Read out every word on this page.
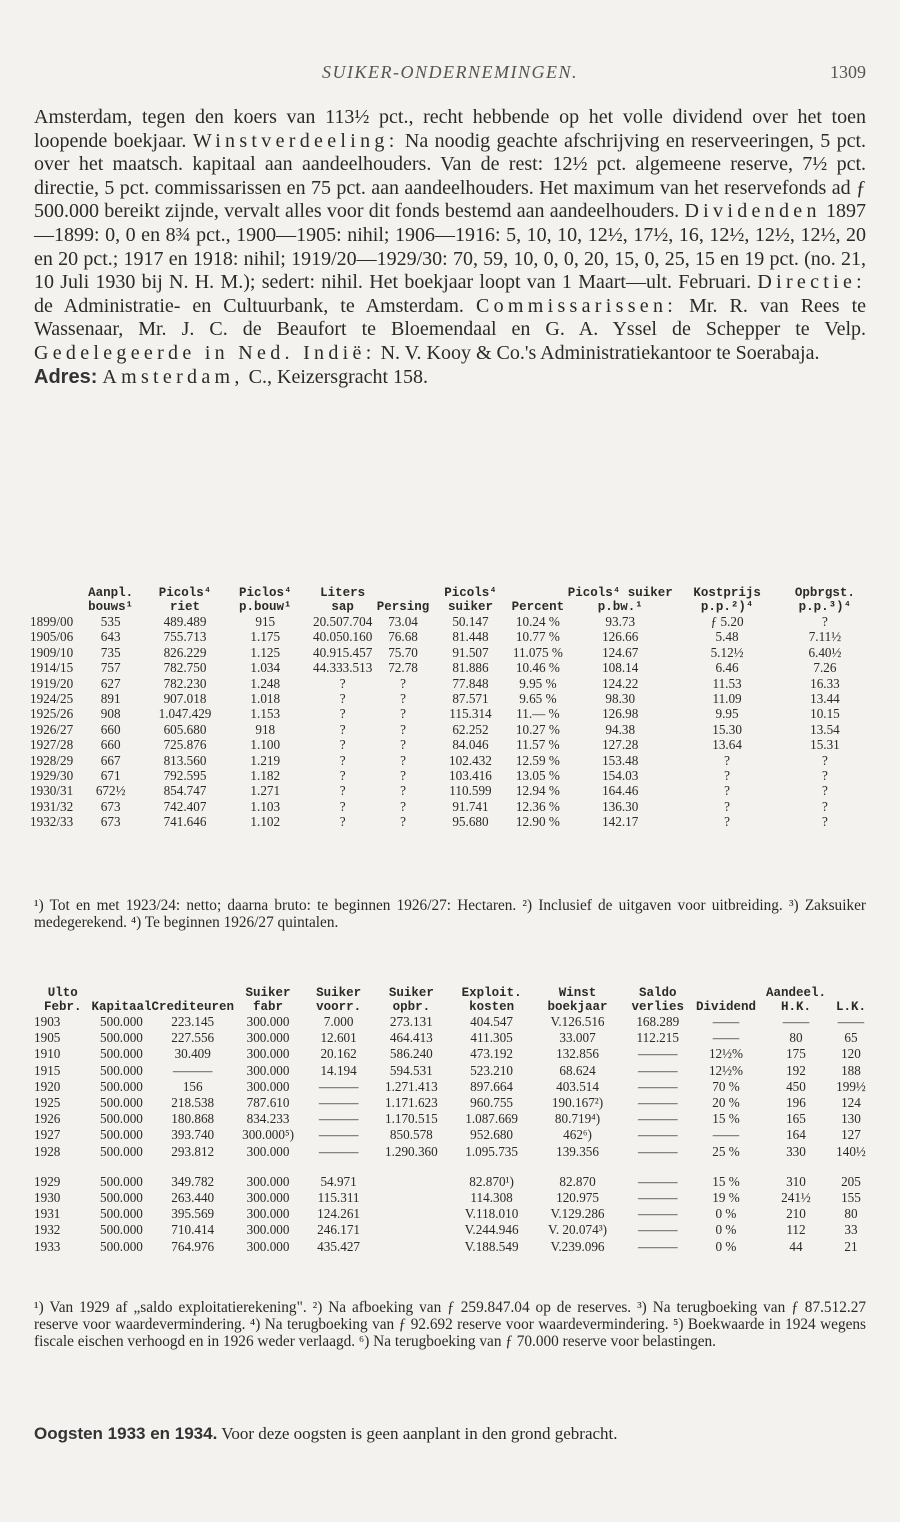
SUIKER-ONDERNEMINGEN.	1309
Amsterdam, tegen den koers van 113½ pct., recht hebbende op het volle dividend over het toen loopende boekjaar. Winstverdeeling: Na noodig geachte afschrijving en reserveeringen, 5 pct. over het maatsch. kapitaal aan aandeelhouders. Van de rest: 12½ pct. algemeene reserve, 7½ pct. directie, 5 pct. commissarissen en 75 pct. aan aandeelhouders. Het maximum van het reservefonds ad ƒ 500.000 bereikt zijnde, vervalt alles voor dit fonds bestemd aan aandeelhouders. Dividenden 1897—1899: 0, 0 en 8¾ pct., 1900—1905: nihil; 1906—1916: 5, 10, 10, 12½, 17½, 16, 12½, 12½, 12½, 20 en 20 pct.; 1917 en 1918: nihil; 1919/20—1929/30: 70, 59, 10, 0, 0, 20, 15, 0, 25, 15 en 19 pct. (no. 21, 10 Juli 1930 bij N. H. M.); sedert: nihil. Het boekjaar loopt van 1 Maart—ult. Februari. Directie: de Administratie- en Cultuurbank, te Amsterdam. Commissarissen: Mr. R. van Rees te Wassenaar, Mr. J. C. de Beaufort te Bloemendaal en G. A. Yssel de Schepper te Velp. Gedelegeerde in Ned. Indië: N. V. Kooy & Co.'s Administratiekantoor te Soerabaja.
Adres: Amsterdam, C., Keizersgracht 158.
	Aanpl. bouws¹	Picols⁴ riet	Piclos⁴ p.bouw¹	Liters sap	Persing	Picols⁴ suiker	Percent	Picols⁴ suiker p.bw.¹	Kostprijs p.p.²)⁴	Opbrgst. p.p.³)⁴
1899/00	535	489.489	915	20.507.704	73.04	50.147	10.24 %	93.73	ƒ 5.20	?
1905/06	643	755.713	1.175	40.050.160	76.68	81.448	10.77 %	126.66	5.48	7.11½
1909/10	735	826.229	1.125	40.915.457	75.70	91.507	11.075 %	124.67	5.12½	6.40½
1914/15	757	782.750	1.034	44.333.513	72.78	81.886	10.46 %	108.14	6.46	7.26
1919/20	627	782.230	1.248	?	?	77.848	9.95 %	124.22	11.53	16.33
1924/25	891	907.018	1.018	?	?	87.571	9.65 %	98.30	11.09	13.44
1925/26	908	1.047.429	1.153	?	?	115.314	11.— %	126.98	9.95	10.15
1926/27	660	605.680	918	?	?	62.252	10.27 %	94.38	15.30	13.54
1927/28	660	725.876	1.100	?	?	84.046	11.57 %	127.28	13.64	15.31
1928/29	667	813.560	1.219	?	?	102.432	12.59 %	153.48	?	?
1929/30	671	792.595	1.182	?	?	103.416	13.05 %	154.03	?	?
1930/31	672½	854.747	1.271	?	?	110.599	12.94 %	164.46	?	?
1931/32	673	742.407	1.103	?	?	91.741	12.36 %	136.30	?	?
1932/33	673	741.646	1.102	?	?	95.680	12.90 %	142.17	?	?
¹) Tot en met 1923/24: netto; daarna bruto: te beginnen 1926/27: Hectaren. ²) Inclusief de uitgaven voor uitbreiding. ³) Zaksuiker medegerekend. ⁴) Te beginnen 1926/27 quintalen.
Ulto Febr.	Kapitaal	Crediteuren	Suiker fabr	Suiker voorr.	Suiker opbr.	Exploit. kosten	Winst boekjaar	Saldo verlies	Dividend	Aandeel. H.K.	L.K.
1903	500.000	223.145	300.000	7.000	273.131	404.547	V.126.516	168.289	——	——	——
1905	500.000	227.556	300.000	12.601	464.413	411.305	33.007	112.215	——	80	65
1910	500.000	30.409	300.000	20.162	586.240	473.192	132.856	———	12½%	175	120
1915	500.000	———	300.000	14.194	594.531	523.210	68.624	———	12½%	192	188
1920	500.000	156	300.000	———	1.271.413	897.664	403.514	———	70 %	450	199½
1925	500.000	218.538	787.610	———	1.171.623	960.755	190.167²)	———	20 %	196	124
1926	500.000	180.868	834.233	———	1.170.515	1.087.669	80.719⁴)	———	15 %	165	130
1927	500.000	393.740	300.000⁵)	———	850.578	952.680	462⁶)	———	——	164	127
1928	500.000	293.812	300.000	———	1.290.360	1.095.735	139.356	———	25 %	330	140½

1929	500.000	349.782	300.000	54.971		82.870¹)	82.870	———	15 %	310	205
1930	500.000	263.440	300.000	115.311		114.308	120.975	———	19 %	241½	155
1931	500.000	395.569	300.000	124.261		V.118.010	V.129.286	———	0 %	210	80
1932	500.000	710.414	300.000	246.171		V.244.946	V. 20.074³)	———	0 %	112	33
1933	500.000	764.976	300.000	435.427		V.188.549	V.239.096	———	0 %	44	21
¹) Van 1929 af „saldo exploitatierekening". ²) Na afboeking van ƒ 259.847.04 op de reserves. ³) Na terugboeking van ƒ 87.512.27 reserve voor waardevermindering. ⁴) Na terugboeking van ƒ 92.692 reserve voor waardevermindering. ⁵) Boekwaarde in 1924 wegens fiscale eischen verhoogd en in 1926 weder verlaagd. ⁶) Na terugboeking van ƒ 70.000 reserve voor belastingen.
Oogsten 1933 en 1934. Voor deze oogsten is geen aanplant in den grond gebracht.
